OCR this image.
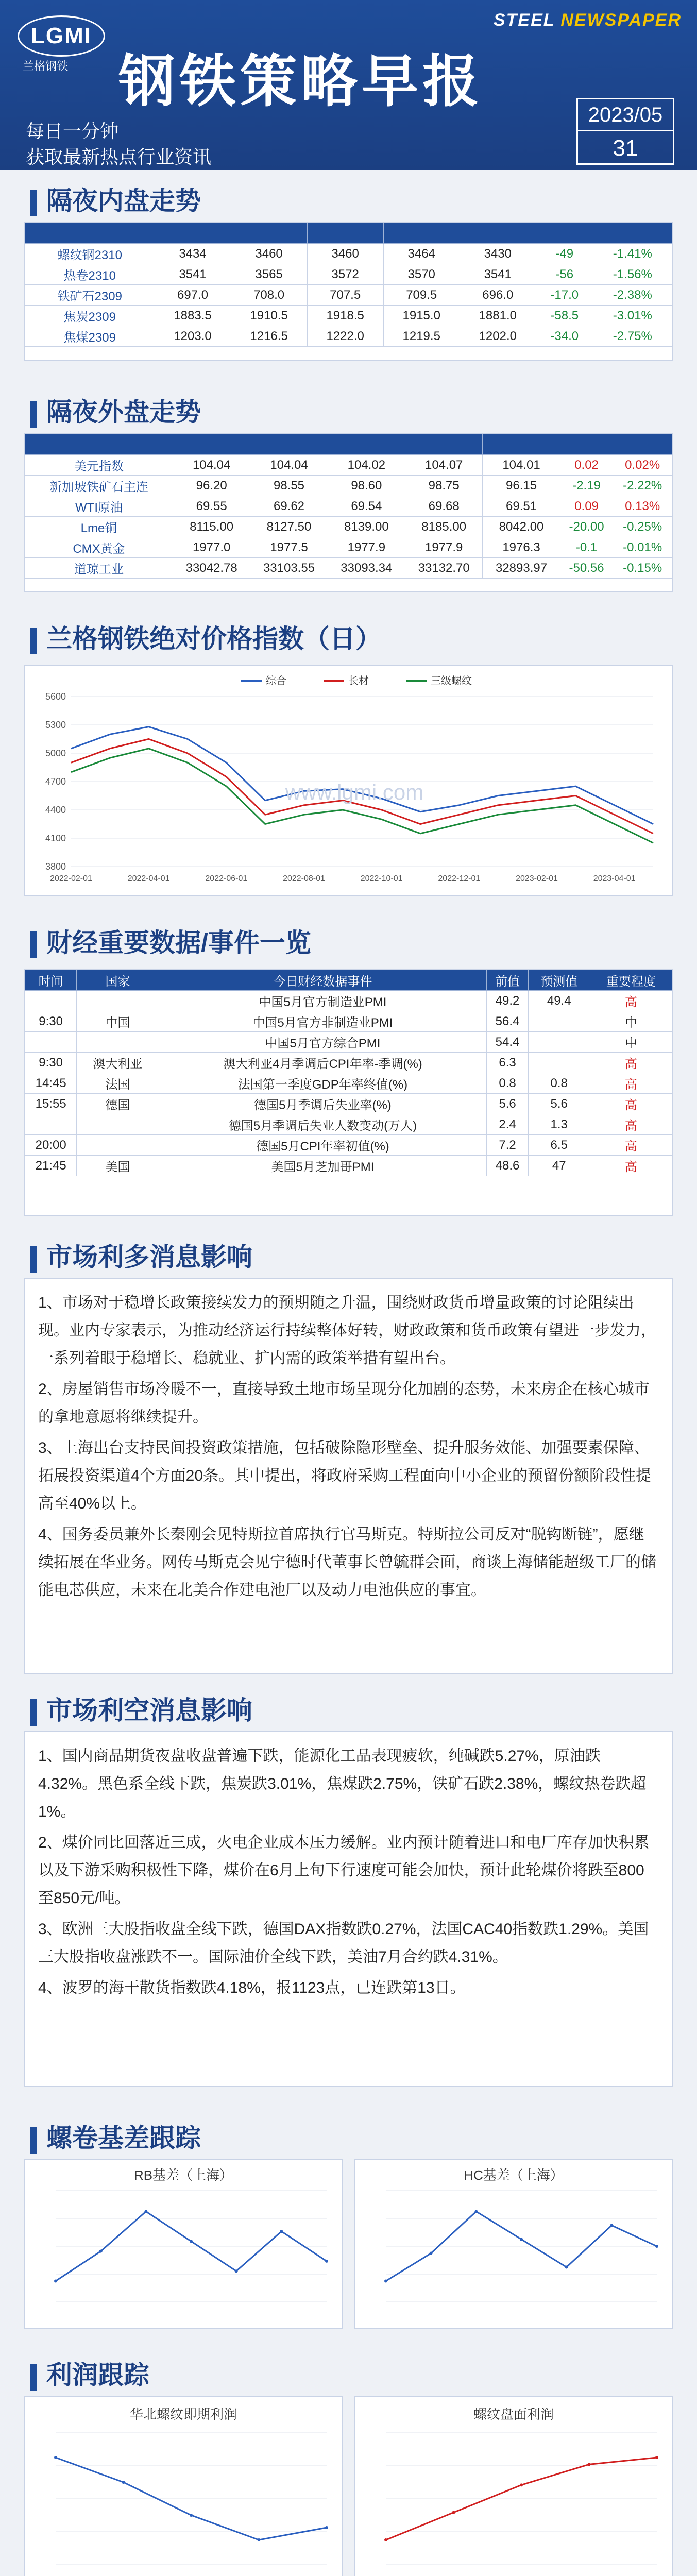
LGMI
兰格钢铁
STEEL NEWSPAPER
钢铁策略早报
每日一分钟
获取最新热点行业资讯
2023/05
31
隔夜内盘走势

螺纹钢2310	3434	3460	3460	3464	3430	-49	-1.41%
热卷2310	3541	3565	3572	3570	3541	-56	-1.56%
铁矿石2309	697.0	708.0	707.5	709.5	696.0	-17.0	-2.38%
焦炭2309	1883.5	1910.5	1918.5	1915.0	1881.0	-58.5	-3.01%
焦煤2309	1203.0	1216.5	1222.0	1219.5	1202.0	-34.0	-2.75%
隔夜外盘走势

美元指数	104.04	104.04	104.02	104.07	104.01	0.02	0.02%
新加坡铁矿石主连	96.20	98.55	98.60	98.75	96.15	-2.19	-2.22%
WTI原油	69.55	69.62	69.54	69.68	69.51	0.09	0.13%
Lme铜	8115.00	8127.50	8139.00	8185.00	8042.00	-20.00	-0.25%
CMX黄金	1977.0	1977.5	1977.9	1977.9	1976.3	-0.1	-0.01%
道琼工业	33042.78	33103.55	33093.34	33132.70	32893.97	-50.56	-0.15%
兰格钢铁绝对价格指数（日）
3800
4100
4400
4700
5000
5300
5600
2022-02-01	2022-04-01	2022-06-01	2022-08-01	2022-10-01	2022-12-01	2023-02-01	2023-04-01
综合	长材	三级螺纹
www.lgmi.com
财经重要数据/事件一览
时间	国家	今日财经数据事件	前值	预测值	重要程度
		中国5月官方制造业PMI	49.2	49.4	高
9:30	中国	中国5月官方非制造业PMI	56.4		中
		中国5月官方综合PMI	54.4		中
9:30	澳大利亚	澳大利亚4月季调后CPI年率-季调(%)	6.3		高
14:45	法国	法国第一季度GDP年率终值(%)	0.8	0.8	高
15:55	德国	德国5月季调后失业率(%)	5.6	5.6	高
		德国5月季调后失业人数变动(万人)	2.4	1.3	高
20:00		德国5月CPI年率初值(%)	7.2	6.5	高
21:45	美国	美国5月芝加哥PMI	48.6	47	高
市场利多消息影响

1、市场对于稳增长政策接续发力的预期随之升温，围绕财政货币增量政策的讨论阻续出现。业内专家表示，为推动经济运行持续整体好转，财政政策和货币政策有望进一步发力，一系列着眼于稳增长、稳就业、扩内需的政策举措有望出台。

2、房屋销售市场冷暖不一，直接导致土地市场呈现分化加剧的态势，未来房企在核心城市的拿地意愿将继续提升。

3、上海出台支持民间投资政策措施，包括破除隐形壁垒、提升服务效能、加强要素保障、拓展投资渠道4个方面20条。其中提出，将政府采购工程面向中小企业的预留份额阶段性提高至40%以上。

4、国务委员兼外长秦刚会见特斯拉首席执行官马斯克。特斯拉公司反对“脱钩断链”，愿继续拓展在华业务。网传马斯克会见宁德时代董事长曾毓群会面，商谈上海储能超级工厂的储能电芯供应，未来在北美合作建电池厂以及动力电池供应的事宜。

市场利空消息影响

1、国内商品期货夜盘收盘普遍下跌，能源化工品表现疲软，纯碱跌5.27%，原油跌4.32%。黑色系全线下跌，焦炭跌3.01%，焦煤跌2.75%，铁矿石跌2.38%，螺纹热卷跌超1%。

2、煤价同比回落近三成，火电企业成本压力缓解。业内预计随着进口和电厂库存加快积累以及下游采购积极性下降，煤价在6月上旬下行速度可能会加快，预计此轮煤价将跌至800至850元/吨。

3、欧洲三大股指收盘全线下跌，德国DAX指数跌0.27%，法国CAC40指数跌1.29%。美国三大股指收盘涨跌不一。国际油价全线下跌，美油7月合约跌4.31%。

4、波罗的海干散货指数跌4.18%，报1123点，已连跌第13日。

螺卷基差跟踪
RB基差（上海）	HC基差（上海）
利润跟踪
华北螺纹即期利润	螺纹盘面利润
